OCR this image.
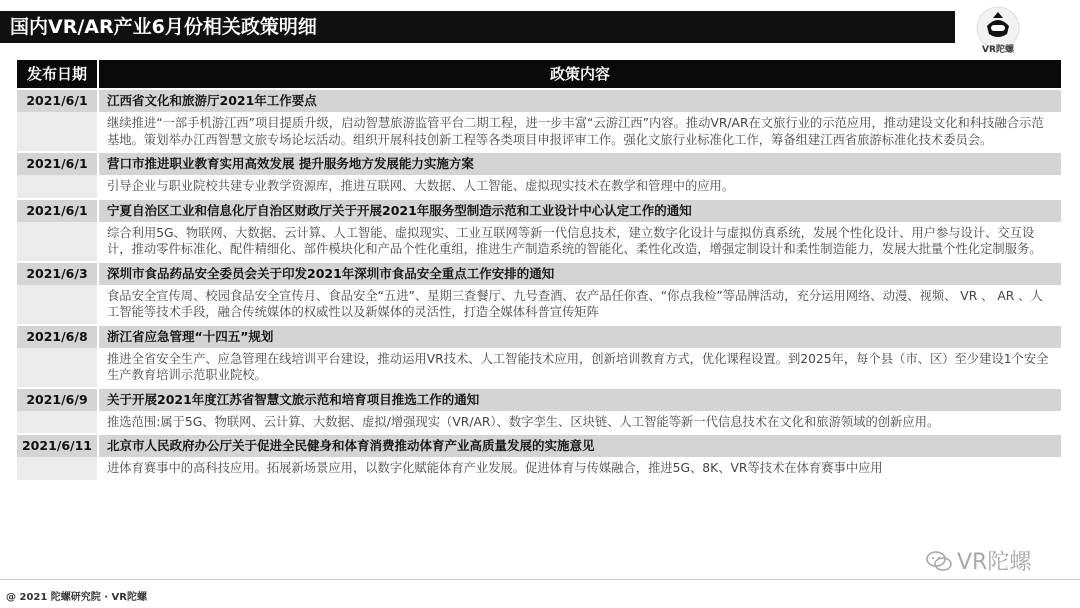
国内VR/AR产业6月份相关政策明细
VR陀螺
发布日期	政策内容
2021/6/1	江西省文化和旅游厅2021年工作要点
继续推进“一部手机游江西”项目提质升级，启动智慧旅游监管平台二期工程，进一步丰富“云游江西”内容。推动VR/AR在文旅行业的示范应用，推动建设文化和科技融合示范基地。策划举办江西智慧文旅专场论坛活动。组织开展科技创新工程等各类项目申报评审工作。强化文旅行业标准化工作，筹备组建江西省旅游标准化技术委员会。
2021/6/1	营口市推进职业教育实用高效发展 提升服务地方发展能力实施方案
引导企业与职业院校共建专业教学资源库，推进互联网、大数据、人工智能、虚拟现实技术在教学和管理中的应用。
2021/6/1	宁夏自治区工业和信息化厅自治区财政厅关于开展2021年服务型制造示范和工业设计中心认定工作的通知
综合利用5G、物联网、大数据、云计算、人工智能、虚拟现实、工业互联网等新一代信息技术，建立数字化设计与虚拟仿真系统，发展个性化设计、用户参与设计、交互设计，推动零件标准化、配件精细化、部件模块化和产品个性化重组，推进生产制造系统的智能化、柔性化改造，增强定制设计和柔性制造能力，发展大批量个性化定制服务。
2021/6/3	深圳市食品药品安全委员会关于印发2021年深圳市食品安全重点工作安排的通知
食品安全宣传周、校园食品安全宣传月、食品安全“五进”、星期三查餐厅、九号查酒、农产品任你查、“你点我检”等品牌活动，充分运用网络、动漫、视频、 VR 、 AR 、人工智能等技术手段，融合传统媒体的权威性以及新媒体的灵活性，打造全媒体科普宣传矩阵
2021/6/8	浙江省应急管理“十四五”规划
推进全省安全生产、应急管理在线培训平台建设，推动运用VR技术、人工智能技术应用，创新培训教育方式，优化课程设置。到2025年，每个县（市、区）至少建设1个安全生产教育培训示范职业院校。
2021/6/9	关于开展2021年度江苏省智慧文旅示范和培育项目推选工作的通知
推选范围:属于5G、物联网、云计算、大数据、虚拟/增强现实（VR/AR）、数字孪生、区块链、人工智能等新一代信息技术在文化和旅游领域的创新应用。
2021/6/11	北京市人民政府办公厅关于促进全民健身和体育消费推动体育产业高质量发展的实施意见
进体育赛事中的高科技应用。拓展新场景应用，以数字化赋能体育产业发展。促进体育与传媒融合，推进5G、8K、VR等技术在体育赛事中应用
@ 2021 陀螺研究院 · VR陀螺
VR陀螺
